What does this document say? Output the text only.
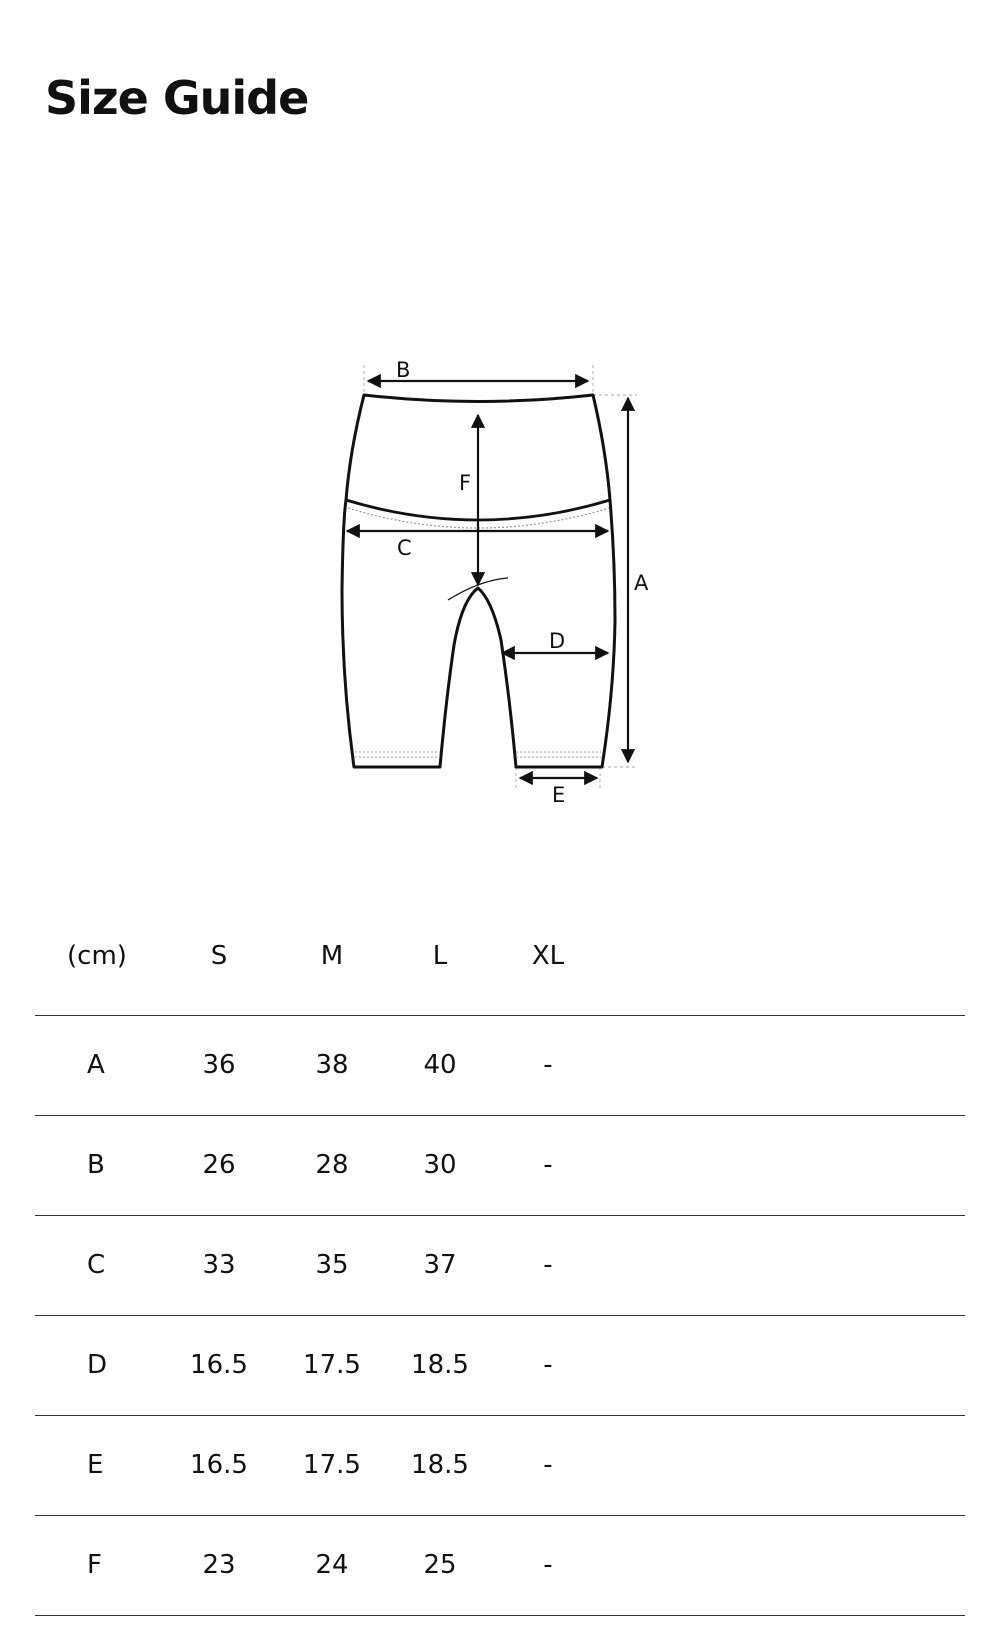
Size Guide
B
F
C
A
D
E
(cm)	S	M	L	XL	
A	36	38	40	-	
B	26	28	30	-	
C	33	35	37	-	
D	16.5	17.5	18.5	-	
E	16.5	17.5	18.5	-	
F	23	24	25	-	
